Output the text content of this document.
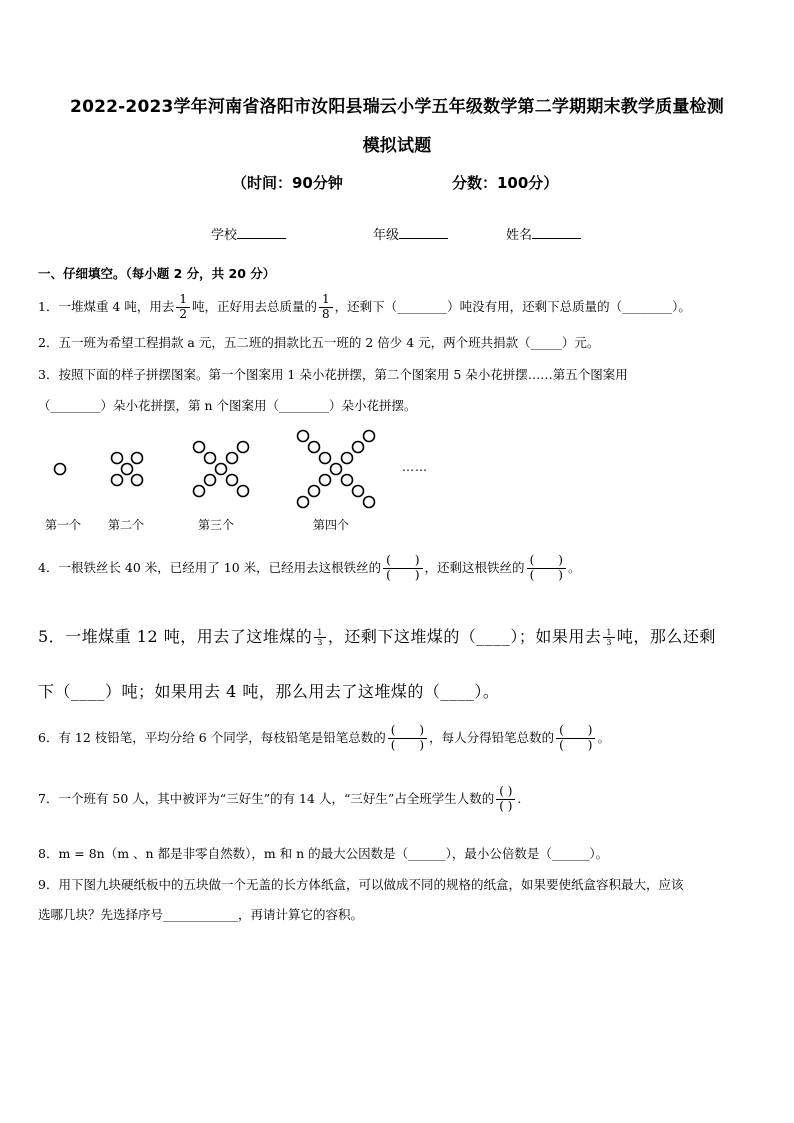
2022-2023学年河南省洛阳市汝阳县瑞云小学五年级数学第二学期期末教学质量检测
模拟试题
（时间：90分钟	分数：100分）
学校	年级	姓名
一、仔细填空。（每小题 2 分，共 20 分）
1．一堆煤重 4 吨，用去 $\frac{1}{2}$ 吨，正好用去总质量的 $\frac{1}{8}$ ，还剩下（________）吨没有用，还剩下总质量的（________）。
2．五一班为希望工程捐款 a 元，五二班的捐款比五一班的 2 倍少 4 元，两个班共捐款（_____）元。
3．按照下面的样子拼摆图案。第一个图案用 1 朵小花拼摆，第二个图案用 5 朵小花拼摆……第五个图案用
（________）朵小花拼摆，第 n 个图案用（________）朵小花拼摆。
……
第一个 第二个	第三个	第四个
4．一根铁丝长 40 米，已经用了 10 米，已经用去这根铁丝的 $\frac{( )}{( )}$ ，还剩这根铁丝的 $\frac{( )}{( )}$ 。
5．一堆煤重 12 吨，用去了这堆煤的 $\frac{1}{3}$ ，还剩下这堆煤的（____）；如果用去 $\frac{1}{3}$ 吨，那么还剩
下（____）吨；如果用去 4 吨，那么用去了这堆煤的（____）。
6．有 12 枝铅笔，平均分给 6 个同学，每枝铅笔是铅笔总数的 $\frac{( )}{( )}$ ，每人分得铅笔总数的 $\frac{( )}{( )}$ 。
7．一个班有 50 人，其中被评为“三好生”的有 14 人，“三好生”占全班学生人数的 $\frac{( )}{( )}$ .
8．m = 8n（m 、n 都是非零自然数），m 和 n 的最大公因数是（______），最小公倍数是（______）。
9．用下图九块硬纸板中的五块做一个无盖的长方体纸盒，可以做成不同的规格的纸盒，如果要使纸盒容积最大，应该
选哪几块？先选择序号____________，再请计算它的容积。
